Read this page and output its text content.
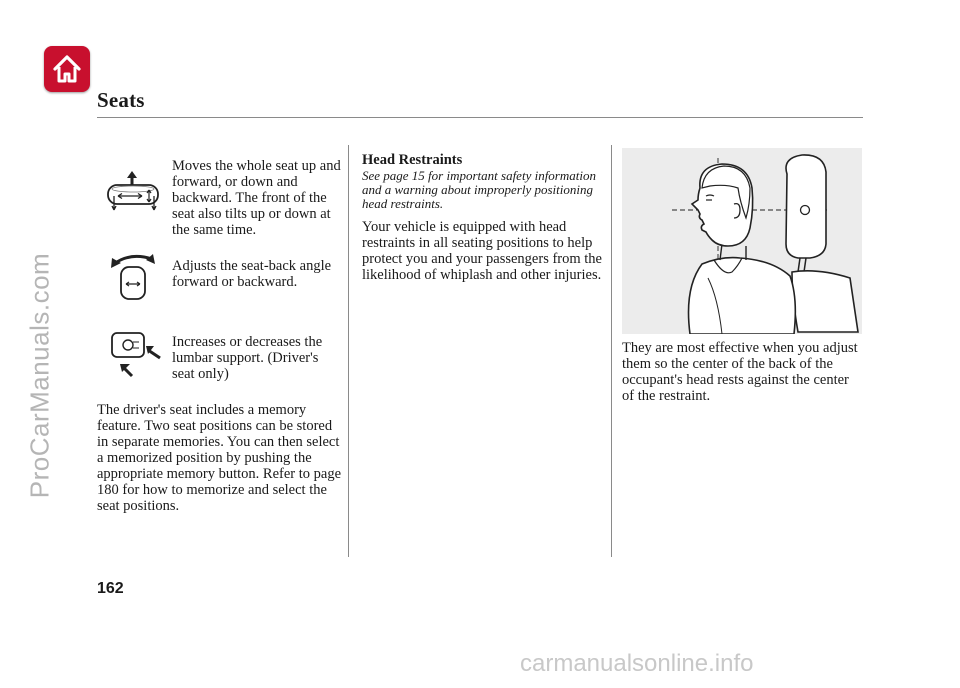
Seats
Moves the whole seat up and forward, or down and backward. The front of the seat also tilts up or down at the same time.
Adjusts the seat-back angle forward or backward.
Increases or decreases the lumbar support. (Driver's seat only)

The driver's seat includes a memory feature. Two seat positions can be stored in separate memories. You can then select a memorized position by pushing the appropriate memory button. Refer to page 180 for how to memorize and select the seat positions.

Head Restraints

See page 15 for important safety information and a warning about improperly positioning head restraints.

Your vehicle is equipped with head restraints in all seating positions to help protect you and your passengers from the likelihood of whiplash and other injuries.

They are most effective when you adjust them so the center of the back of the occupant's head rests against the center of the restraint.

162
ProCarManuals.com
carmanualsonline.info
